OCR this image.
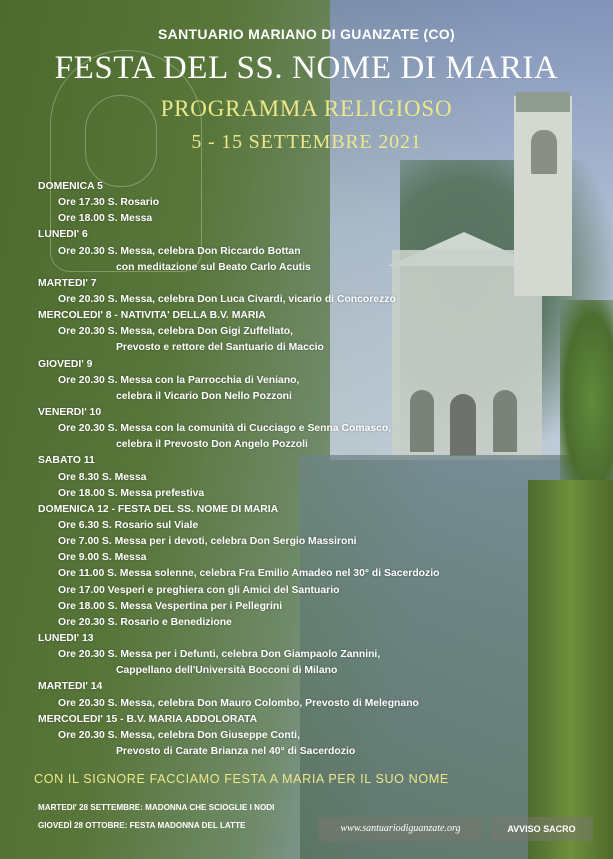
SANTUARIO MARIANO DI GUANZATE (CO)
FESTA DEL SS. NOME DI MARIA
PROGRAMMA RELIGIOSO
5 - 15 SETTEMBRE 2021
DOMENICA 5
Ore 17.30 S. Rosario
Ore 18.00 S. Messa
LUNEDI' 6
Ore 20.30 S. Messa, celebra Don Riccardo Bottan
con meditazione sul Beato Carlo Acutis
MARTEDI' 7
Ore 20.30 S. Messa, celebra Don Luca Civardi, vicario di Concorezzo
MERCOLEDI' 8 - NATIVITA' DELLA B.V. MARIA
Ore 20.30 S. Messa, celebra Don Gigi Zuffellato,
Prevosto e rettore del Santuario di Maccio
GIOVEDI' 9
Ore 20.30 S. Messa con la Parrocchia di Veniano,
celebra il Vicario Don Nello Pozzoni
VENERDI' 10
Ore 20.30 S. Messa con la comunità di Cucciago e Senna Comasco,
celebra il Prevosto Don Angelo Pozzoli
SABATO 11
Ore 8.30 S. Messa
Ore 18.00 S. Messa prefestiva
DOMENICA 12 - FESTA DEL SS. NOME DI MARIA
Ore 6.30 S. Rosario sul Viale
Ore 7.00 S. Messa per i devoti, celebra Don Sergio Massironi
Ore 9.00 S. Messa
Ore 11.00 S. Messa solenne, celebra Fra Emilio Amadeo nel 30° di Sacerdozio
Ore 17.00 Vesperi e preghiera con gli Amici del Santuario
Ore 18.00 S. Messa Vespertina per i Pellegrini
Ore 20.30 S. Rosario e Benedizione
LUNEDI' 13
Ore 20.30 S. Messa per i Defunti, celebra Don Giampaolo Zannini,
Cappellano dell'Università Bocconi di Milano
MARTEDI' 14
Ore 20.30 S. Messa, celebra Don Mauro Colombo, Prevosto di Melegnano
MERCOLEDI' 15 - B.V. MARIA ADDOLORATA
Ore 20.30 S. Messa, celebra Don Giuseppe Conti,
Prevosto di Carate Brianza nel 40° di Sacerdozio
CON IL SIGNORE FACCIAMO FESTA A MARIA PER IL SUO NOME
MARTEDI' 28 SETTEMBRE: MADONNA CHE SCIOGLIE I NODI
GIOVEDÌ 28 OTTOBRE: FESTA MADONNA DEL LATTE	www.santuariodiguanzate.org	AVVISO SACRO
